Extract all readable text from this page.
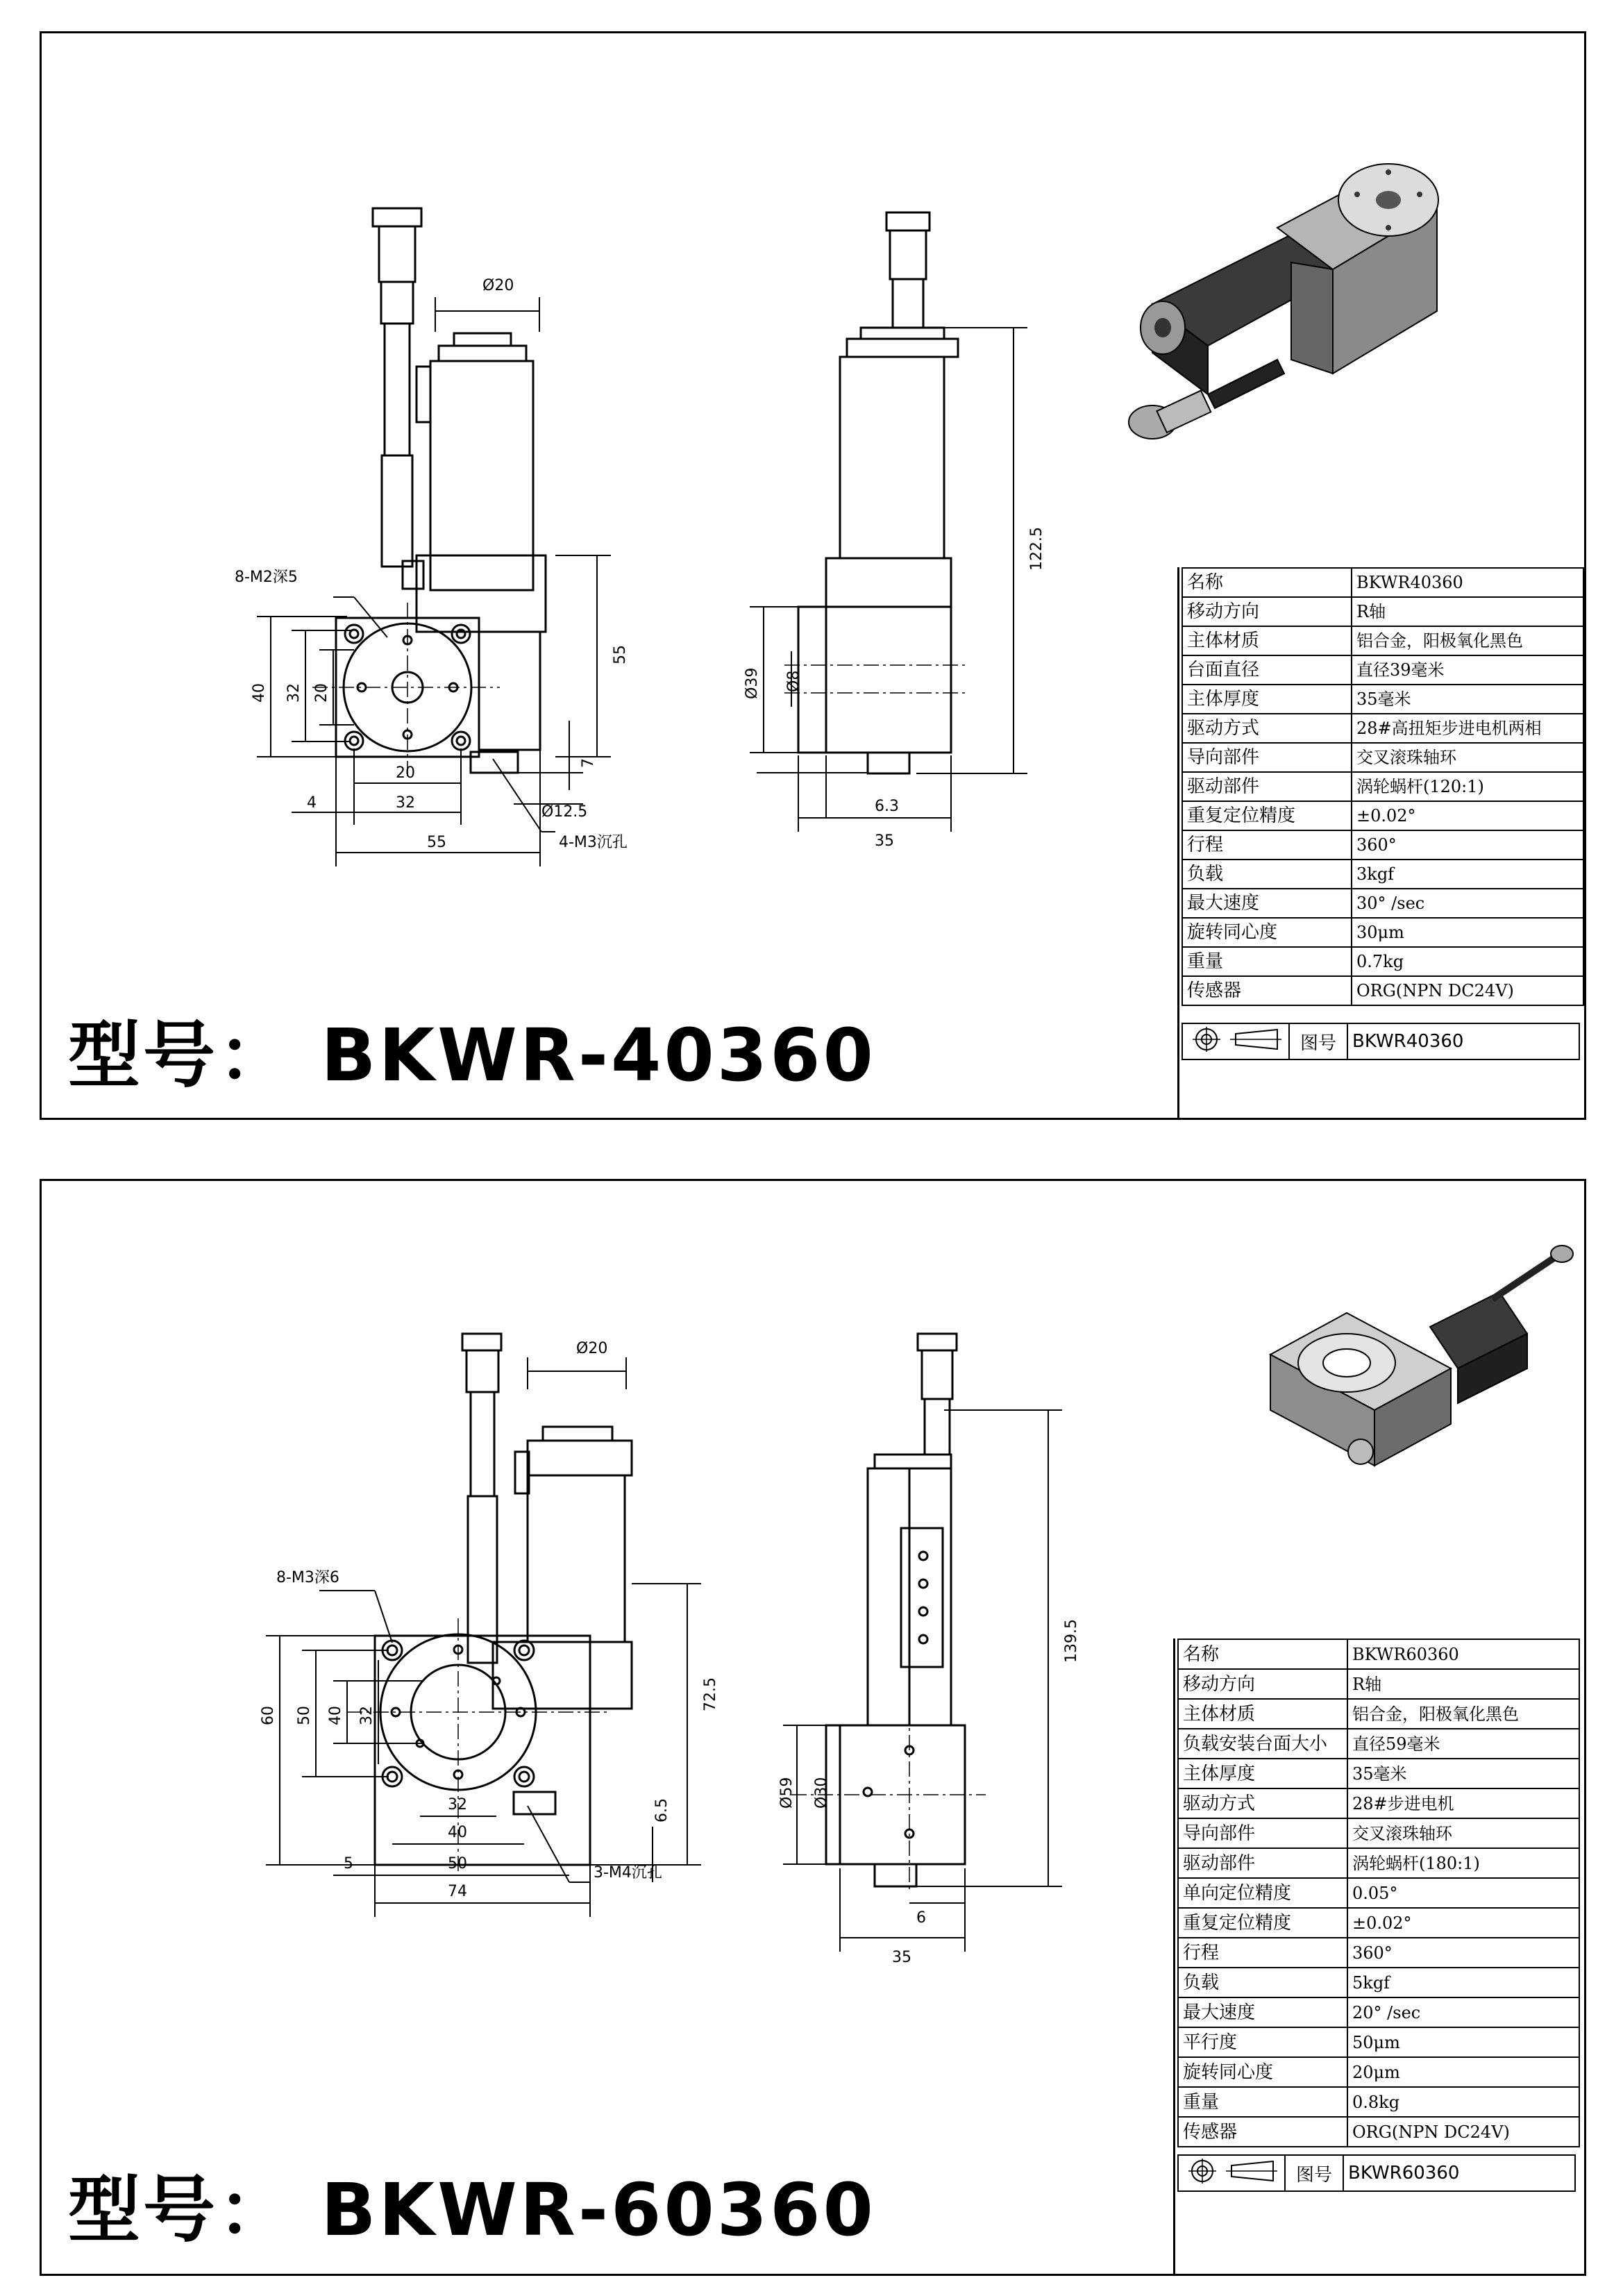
Ø20
8-M2深5
40 32 20
20
4	32
55
55
7
Ø12.5
4-M3沉孔
Ø39 Ø8
122.5
6.3
35
型号： BKWR-40360
名称	BKWR40360
移动方向	R轴
主体材质	铝合金，阳极氧化黑色
台面直径	直径39毫米
主体厚度	35毫米
驱动方式	28#高扭矩步进电机两相
导向部件	交叉滚珠轴环
驱动部件	涡轮蜗杆(120:1)
重复定位精度	±0.02°
行程	360°
负载	3kgf
最大速度	30° /sec
旋转同心度	30μm
重量	0.7kg
传感器	ORG(NPN DC24V)
	图号	BKWR40360
Ø20
8-M3深6
60 50 40 32
32
40
5	50
74
72.5
6.5
3-M4沉孔
Ø59 Ø30
139.5
6
35
型号： BKWR-60360
名称	BKWR60360
移动方向	R轴
主体材质	铝合金，阳极氧化黑色
负载安装台面大小	直径59毫米
主体厚度	35毫米
驱动方式	28#步进电机
导向部件	交叉滚珠轴环
驱动部件	涡轮蜗杆(180:1)
单向定位精度	0.05°
重复定位精度	±0.02°
行程	360°
负载	5kgf
最大速度	20° /sec
平行度	50μm
旋转同心度	20μm
重量	0.8kg
传感器	ORG(NPN DC24V)
	图号	BKWR60360
